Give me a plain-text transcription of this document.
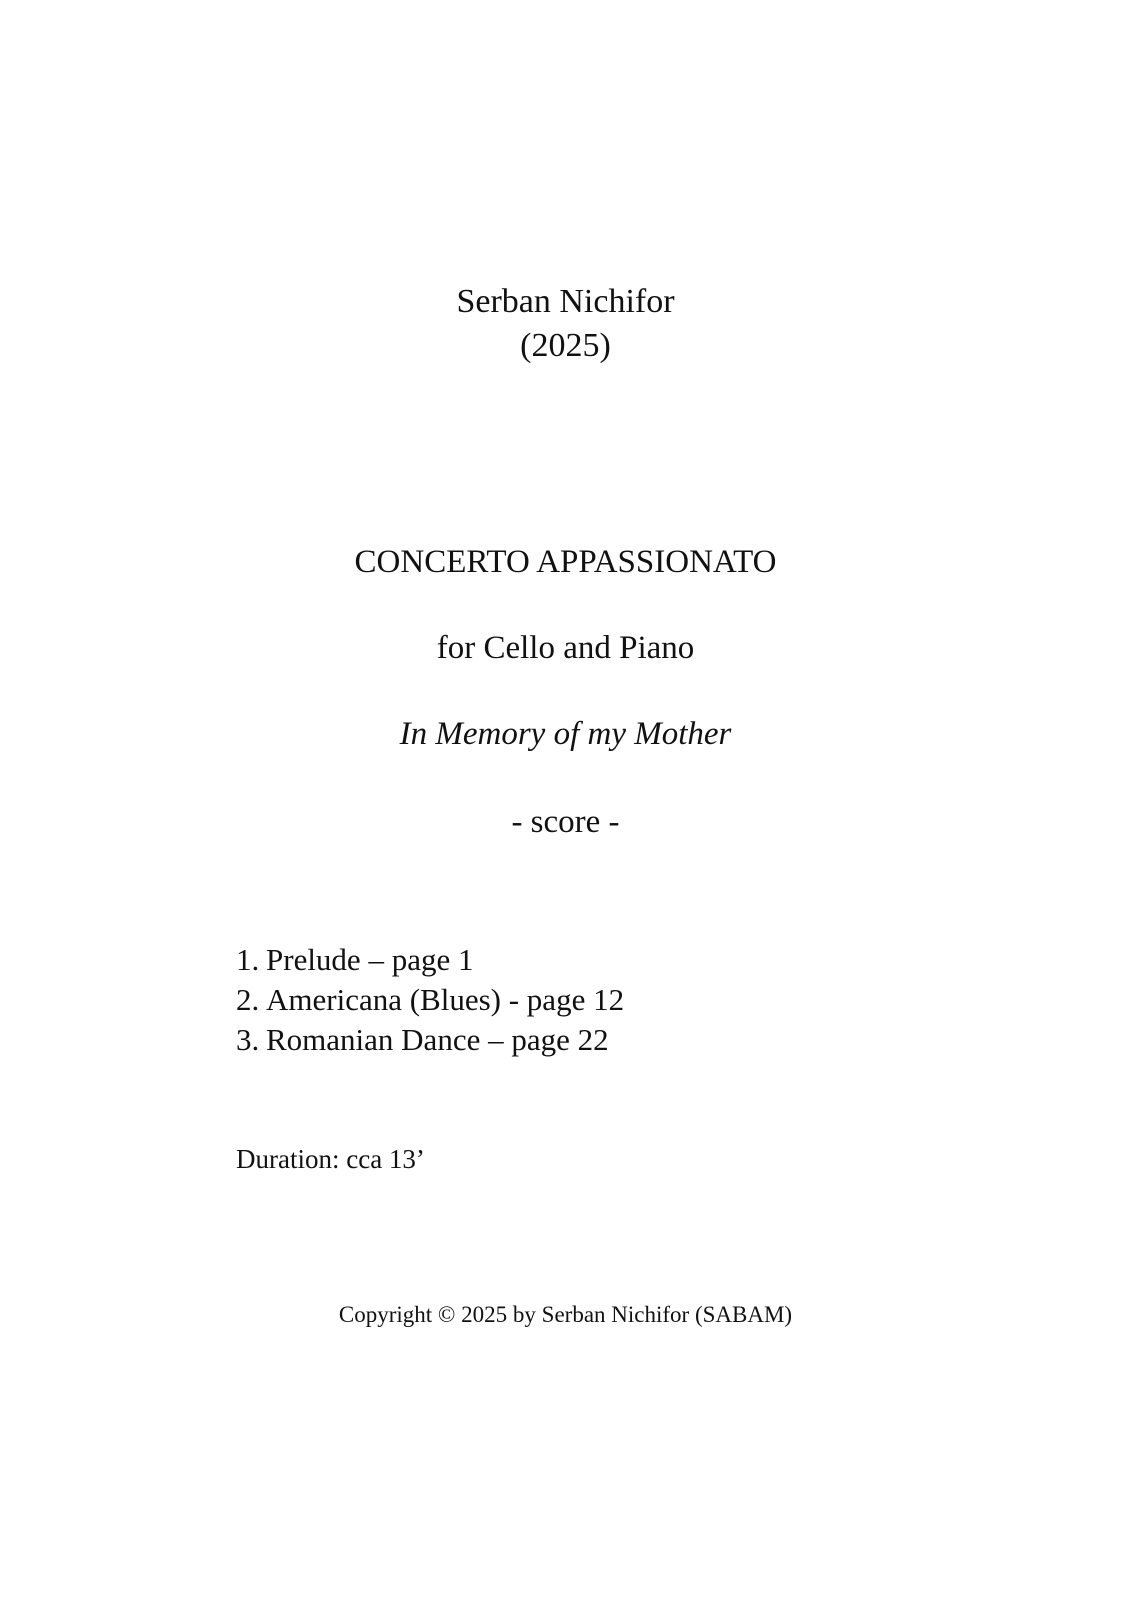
Serban Nichifor
(2025)
CONCERTO APPASSIONATO
for Cello and Piano
In Memory of my Mother
- score -
1. Prelude – page 1
2. Americana (Blues) - page 12
3. Romanian Dance – page 22
Duration: cca 13’
Copyright © 2025 by Serban Nichifor (SABAM)
